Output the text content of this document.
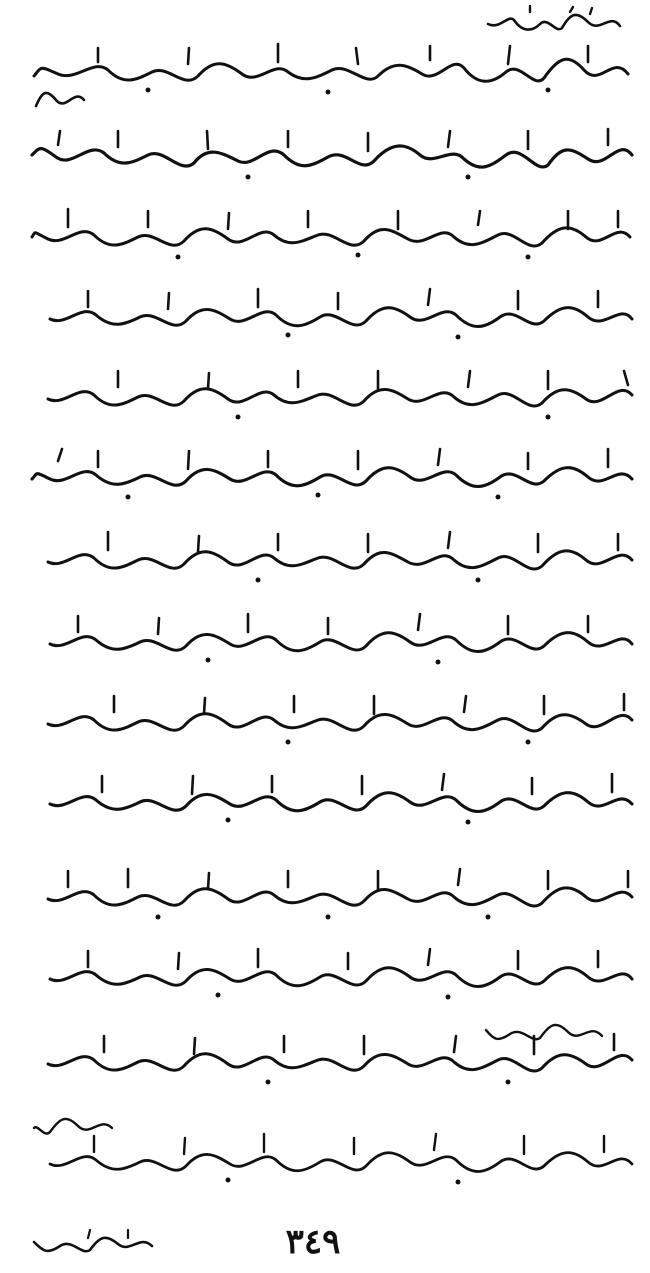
٣٤٩
